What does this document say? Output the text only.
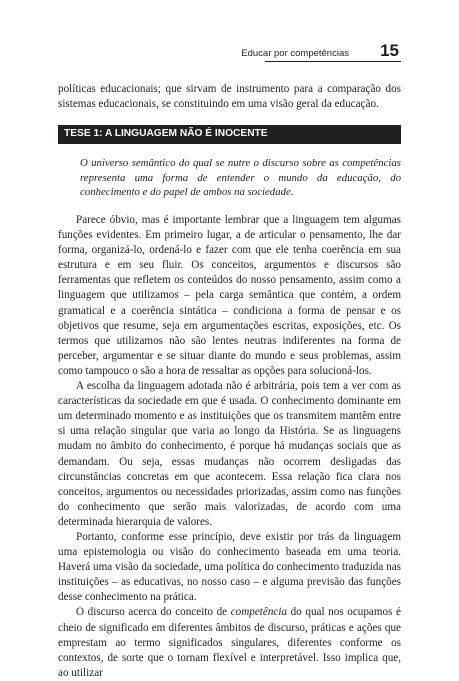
Educar por competências 15

políticas educacionais; que sirvam de instrumento para a comparação dos sistemas educacionais, se constituindo em uma visão geral da educação.

TESE 1: A LINGUAGEM NÃO É INOCENTE
O universo semântico do qual se nutre o discurso sobre as competências representa uma forma de entender o mundo da educação, do conhecimento e do papel de ambos na sociedade.

Parece óbvio, mas é importante lembrar que a linguagem tem algumas funções evidentes. Em primeiro lugar, a de articular o pensamento, lhe dar forma, organizá-lo, ordená-lo e fazer com que ele tenha coerência em sua estrutura e em seu fluir. Os conceitos, argumentos e discursos são ferramentas que refletem os conteúdos do nosso pensamento, assim como a linguagem que utilizamos – pela carga semântica que contém, a ordem gramatical e a coerência sintática – condiciona a forma de pensar e os objetivos que resume, seja em argumentações escritas, exposições, etc. Os termos que utilizamos não são lentes neutras indiferentes na forma de perceber, argumentar e se situar diante do mundo e seus problemas, assim como tampouco o são a hora de ressaltar as opções para solucioná-los.

A escolha da linguagem adotada não é arbitrária, pois tem a ver com as características da sociedade em que é usada. O conhecimento dominante em um determinado momento e as instituições que os transmitem mantêm entre si uma relação singular que varia ao longo da História. Se as linguagens mudam no âmbito do conhecimento, é porque há mudanças sociais que as demandam. Ou seja, essas mudanças não ocorrem desligadas das circunstâncias concretas em que acontecem. Essa relação fica clara nos conceitos, argumentos ou necessidades priorizadas, assim como nas funções do conhecimento que serão mais valorizadas, de acordo com uma determinada hierarquia de valores.

Portanto, conforme esse princípio, deve existir por trás da linguagem uma epistemologia ou visão do conhecimento baseada em uma teoria. Haverá uma visão da sociedade, uma política do conhecimento traduzida nas instituições – as educativas, no nosso caso – e alguma previsão das funções desse conhecimento na prática.

O discurso acerca do conceito de competência do qual nos ocupamos é cheio de significado em diferentes âmbitos de discurso, práticas e ações que emprestam ao termo significados singulares, diferentes conforme os contextos, de sorte que o tornam flexível e interpretável. Isso implica que, ao utilizar
